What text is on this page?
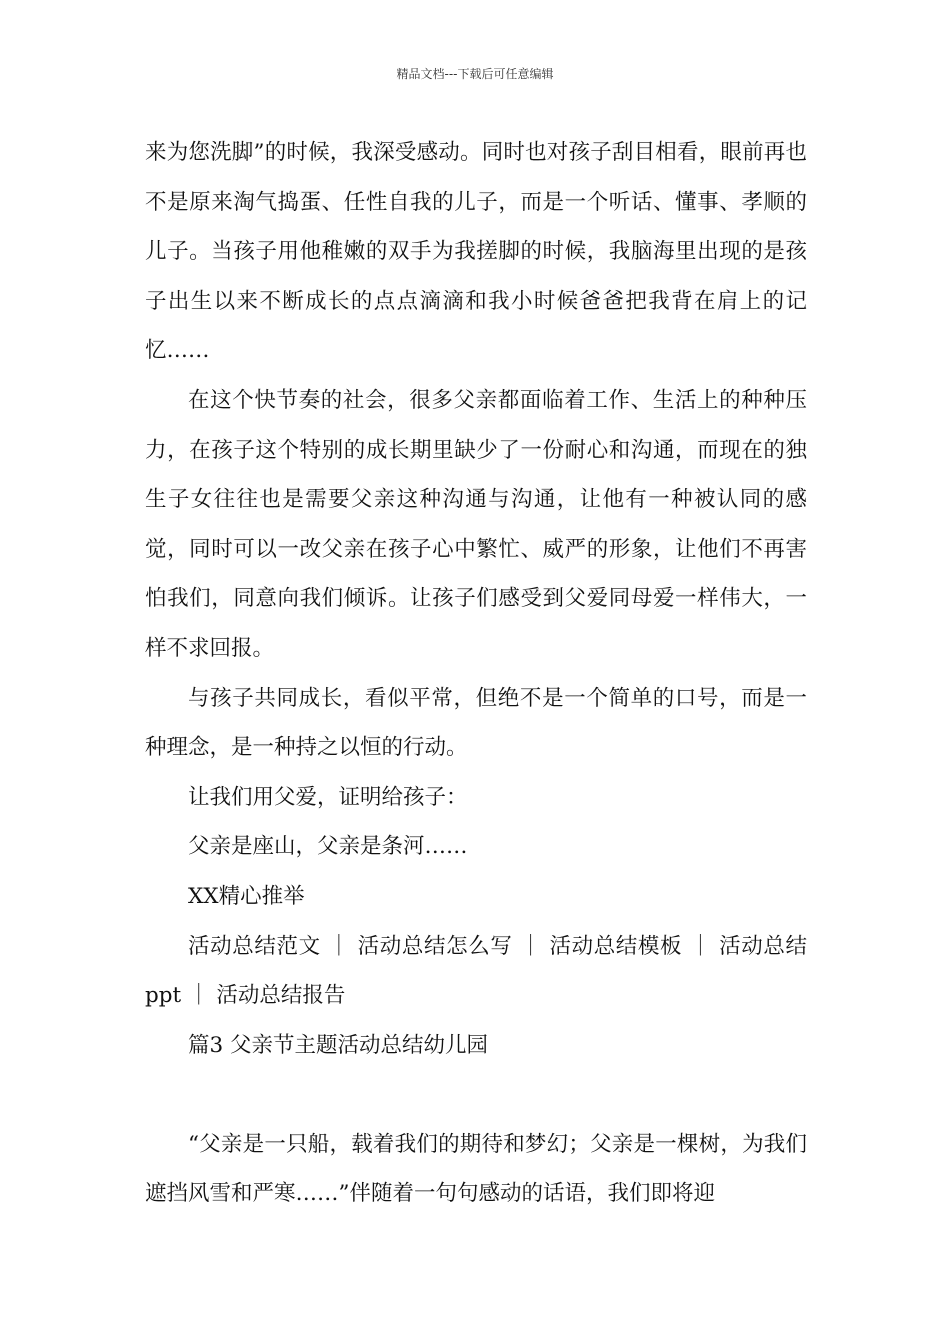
精品文档---下载后可任意编辑

来为您洗脚”的时候，我深受感动。同时也对孩子刮目相看，眼前再也不是原来淘气捣蛋、任性自我的儿子，而是一个听话、懂事、孝顺的儿子。当孩子用他稚嫩的双手为我搓脚的时候，我脑海里出现的是孩子出生以来不断成长的点点滴滴和我小时候爸爸把我背在肩上的记忆……

在这个快节奏的社会，很多父亲都面临着工作、生活上的种种压力，在孩子这个特别的成长期里缺少了一份耐心和沟通，而现在的独生子女往往也是需要父亲这种沟通与沟通，让他有一种被认同的感觉，同时可以一改父亲在孩子心中繁忙、威严的形象，让他们不再害怕我们，同意向我们倾诉。让孩子们感受到父爱同母爱一样伟大，一样不求回报。

与孩子共同成长，看似平常，但绝不是一个简单的口号，而是一种理念，是一种持之以恒的行动。

让我们用父爱，证明给孩子：

父亲是座山，父亲是条河……

XX精心推举

活动总结范文 ｜ 活动总结怎么写 ｜ 活动总结模板 ｜ 活动总结ppt ｜ 活动总结报告

篇3 父亲节主题活动总结幼儿园

“父亲是一只船，载着我们的期待和梦幻；父亲是一棵树，为我们遮挡风雪和严寒……”伴随着一句句感动的话语，我们即将迎
